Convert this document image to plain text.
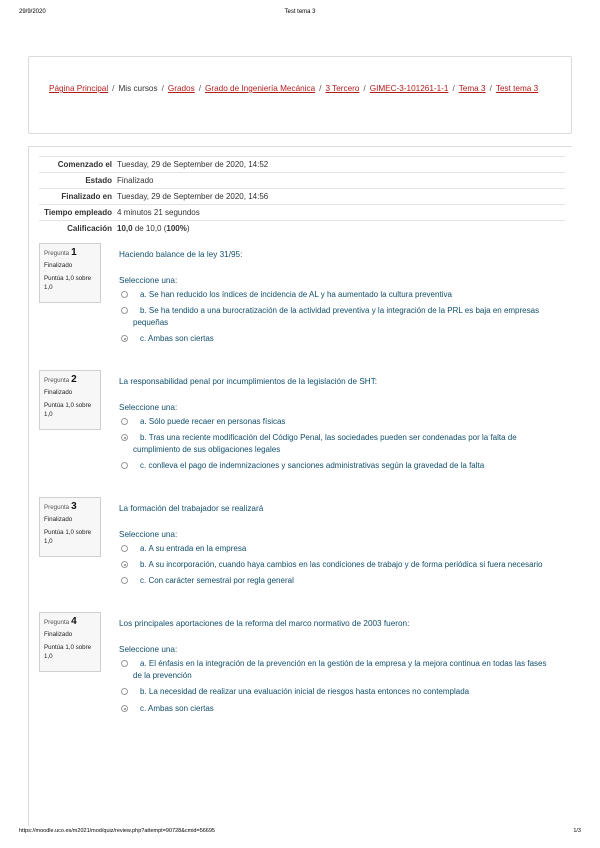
29/9/2020	Test tema 3
Página Principal / Mis cursos / Grados / Grado de Ingeniería Mecánica / 3 Tercero / GIMEC-3-101261-1-1 / Tema 3 / Test tema 3
Comenzado el Tuesday, 29 de September de 2020, 14:52
Estado Finalizado
Finalizado en Tuesday, 29 de September de 2020, 14:56
Tiempo empleado 4 minutos 21 segundos
Calificación 10,0 de 10,0 (100%)
Pregunta 1
Finalizado
Puntúa 1,0 sobre 1,0
Haciendo balance de la ley 31/95:
Seleccione una:
a. Se han reducido los índices de incidencia de AL y ha aumentado la cultura preventiva
b. Se ha tendido a una burocratización de la actividad preventiva y la integración de la PRL es baja en empresas pequeñas
c. Ambas son ciertas
Pregunta 2
Finalizado
Puntúa 1,0 sobre 1,0
La responsabilidad penal por incumplimientos de la legislación de SHT:
Seleccione una:
a. Sólo puede recaer en personas físicas
b. Tras una reciente modificación del Código Penal, las sociedades pueden ser condenadas por la falta de cumplimiento de sus obligaciones legales
c. conlleva el pago de indemnizaciones y sanciones administrativas según la gravedad de la falta
Pregunta 3
Finalizado
Puntúa 1,0 sobre 1,0
La formación del trabajador se realizará
Seleccione una:
a. A su entrada en la empresa
b. A su incorporación, cuando haya cambios en las condiciones de trabajo y de forma periódica si fuera necesario
c. Con carácter semestral por regla general
Pregunta 4
Finalizado
Puntúa 1,0 sobre 1,0
Los principales aportaciones de la reforma del marco normativo de 2003 fueron:
Seleccione una:
a. El énfasis en la integración de la prevención en la gestión de la empresa y la mejora continua en todas las fases de la prevención
b. La necesidad de realizar una evaluación inicial de riesgos hasta entonces no contemplada
c. Ambas son ciertas
https://moodle.uco.es/m2021/mod/quiz/review.php?attempt=90728&cmid=56695	1/3
